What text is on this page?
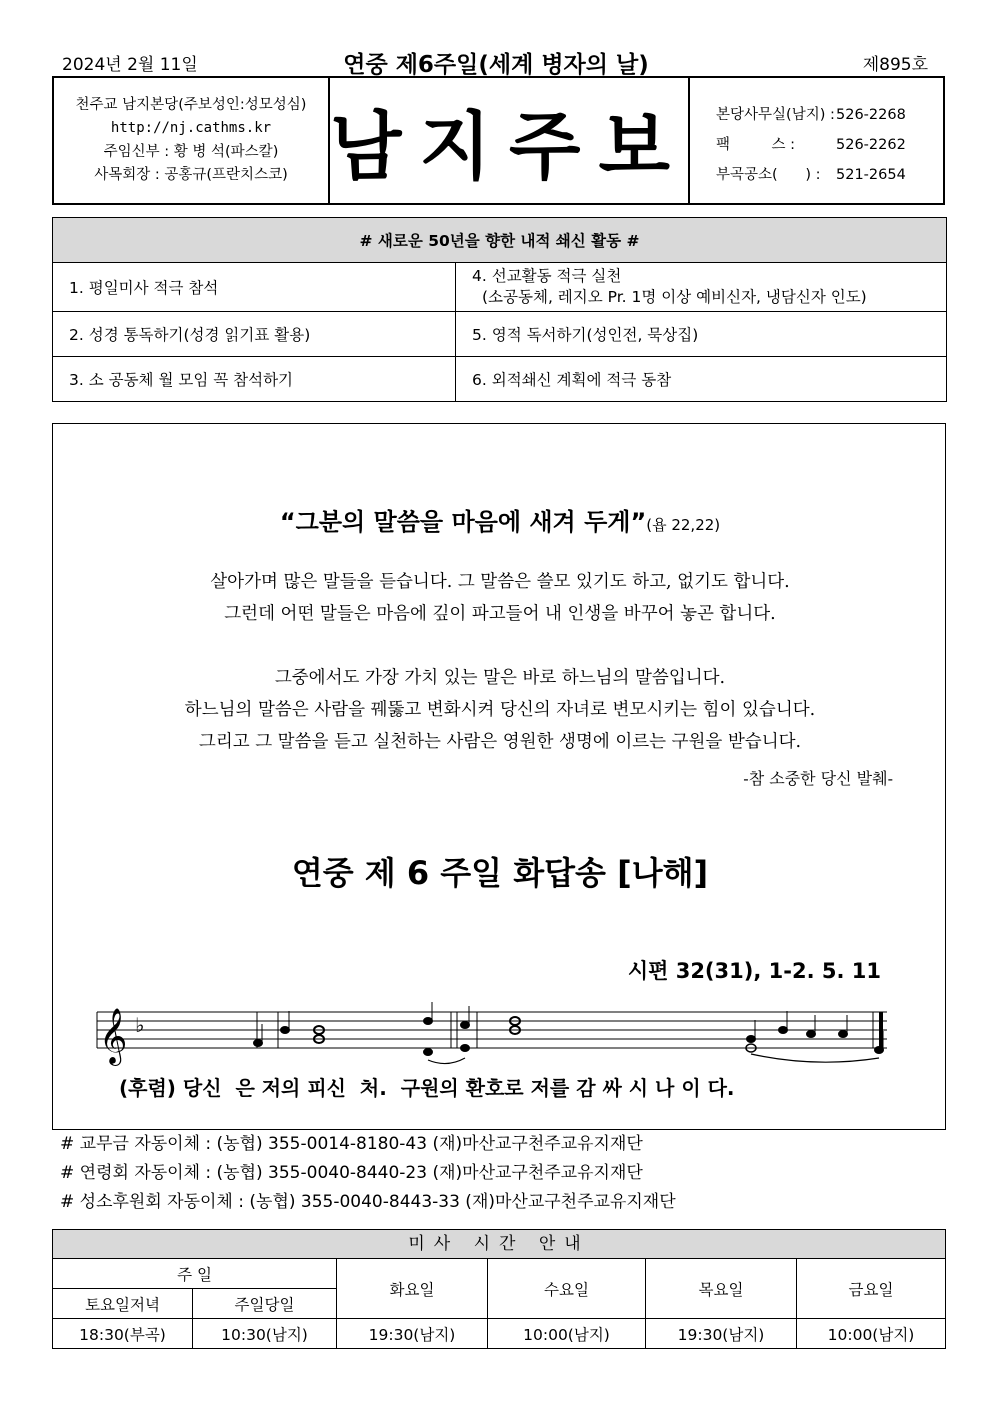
2024년 2월 11일	연중 제6주일(세계 병자의 날)	제895호
천주교 남지본당(주보성인:성모성심)
http://nj.cathms.kr
주임신부 : 황 병 석(파스칼)
사목회장 : 공홍규(프란치스코) 남지주보 본당사무실(남지) : 526-2268
팩         스 :	526-2262
부곡공소(      ) :	521-2654
# 새로운 50년을 향한 내적 쇄신 활동 #	
1. 평일미사 적극 참석	4. 선교활동 적극 실천
(소공동체, 레지오 Pr. 1명 이상 예비신자, 냉담신자 인도)

2. 성경 통독하기(성경 읽기표 활용)	5. 영적 독서하기(성인전, 묵상집)
3. 소 공동체 월 모임 꼭 참석하기	6. 외적쇄신 계획에 적극 동참
“그분의 말씀을 마음에 새겨 두게”(욥 22,22)
살아가며 많은 말들을 듣습니다. 그 말씀은 쓸모 있기도 하고, 없기도 합니다.
그런데 어떤 말들은 마음에 깊이 파고들어 내 인생을 바꾸어 놓곤 합니다.
그중에서도 가장 가치 있는 말은 바로 하느님의 말씀입니다.
하느님의 말씀은 사람을 꿰뚫고 변화시켜 당신의 자녀로 변모시키는 힘이 있습니다.
그리고 그 말씀을 듣고 실천하는 사람은 영원한 생명에 이르는 구원을 받습니다.
-참 소중한 당신 발췌-
연중 제 6 주일 화답송 [나해]
시편 32(31), 1-2. 5. 11
𝄞 ♭
(후렴) 당신  은 저의 피신  처.  구원의 환호로 저를 감 싸 시 나 이 다.
# 교무금 자동이체 : (농협) 355-0014-8180-43 (재)마산교구천주교유지재단
# 연령회 자동이체 : (농협) 355-0040-8440-23 (재)마산교구천주교유지재단
# 성소후원회 자동이체 : (농협) 355-0040-8443-33 (재)마산교구천주교유지재단
미사 시간 안내
주 일		화요일	수요일	목요일	금요일
토요일저녁	주일당일				
18:30(부곡)	10:30(남지)	19:30(남지)	10:00(남지)	19:30(남지)	10:00(남지)
